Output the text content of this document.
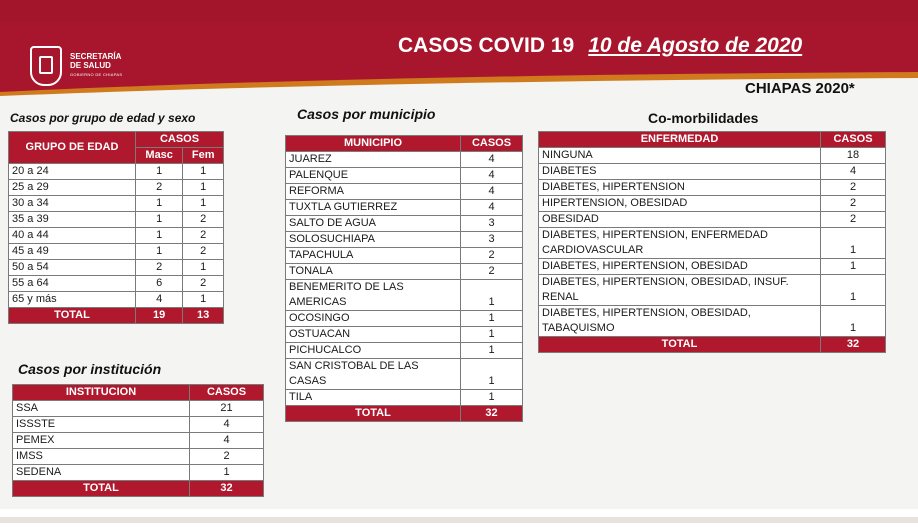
SECRETARÍA
DE SALUD
GOBIERNO DE CHIAPAS
CASOS COVID 19 10 de Agosto de 2020
CHIAPAS 2020*
Casos por grupo de edad y sexo
GRUPO DE EDAD	CASOS	
	Masc	Fem
20 a 24	1	1
25 a 29	2	1
30 a 34	1	1
35 a 39	1	2
40 a 44	1	2
45 a 49	1	2
50 a 54	2	1
55 a 64	6	2
65 y más	4	1
TOTAL	19	13
Casos por institución
INSTITUCION	CASOS
SSA	21
ISSSTE	4
PEMEX	4
IMSS	2
SEDENA	1
TOTAL	32
Casos por municipio
MUNICIPIO	CASOS
JUAREZ	4
PALENQUE	4
REFORMA	4
TUXTLA GUTIERREZ	4
SALTO DE AGUA	3
SOLOSUCHIAPA	3
TAPACHULA	2
TONALA	2
BENEMERITO DE LAS AMERICAS	1
OCOSINGO	1
OSTUACAN	1
PICHUCALCO	1
SAN CRISTOBAL DE LAS CASAS	1
TILA	1
TOTAL	32
Co-morbilidades
ENFERMEDAD	CASOS
NINGUNA	18
DIABETES	4
DIABETES, HIPERTENSION	2
HIPERTENSION, OBESIDAD	2
OBESIDAD	2
DIABETES, HIPERTENSION, ENFERMEDAD CARDIOVASCULAR	1
DIABETES, HIPERTENSION, OBESIDAD	1
DIABETES, HIPERTENSION, OBESIDAD, INSUF. RENAL	1
DIABETES, HIPERTENSION, OBESIDAD, TABAQUISMO	1
TOTAL	32
